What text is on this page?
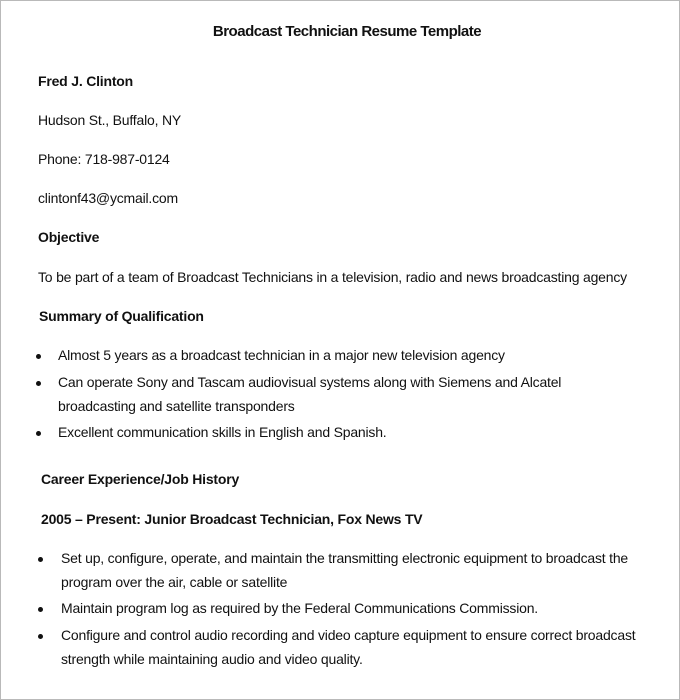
Broadcast Technician Resume Template
Fred J. Clinton
Hudson St., Buffalo, NY
Phone: 718-987-0124
clintonf43@ycmail.com
Objective
To be part of a team of Broadcast Technicians in a television, radio and news broadcasting agency
Summary of Qualification
Almost 5 years as a broadcast technician in a major new television agency
Can operate Sony and Tascam audiovisual systems along with Siemens and Alcatel
broadcasting and satellite transponders
Excellent communication skills in English and Spanish.
Career Experience/Job History
2005 – Present: Junior Broadcast Technician, Fox News TV
Set up, configure, operate, and maintain the transmitting electronic equipment to broadcast the
program over the air, cable or satellite
Maintain program log as required by the Federal Communications Commission.
Configure and control audio recording and video capture equipment to ensure correct broadcast
strength while maintaining audio and video quality.
